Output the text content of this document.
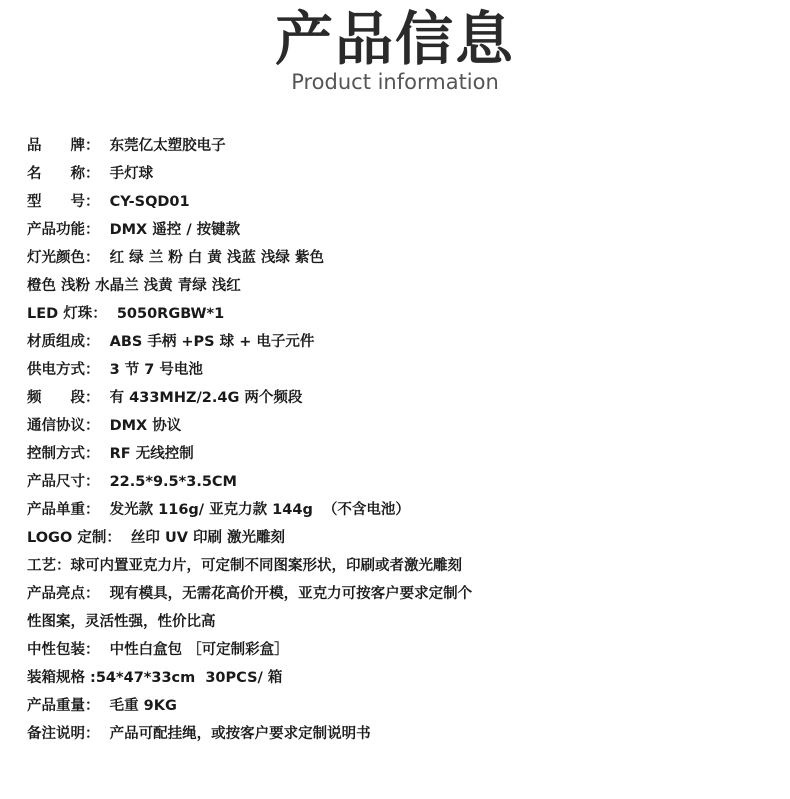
产品信息
Product information
品　　牌：  东莞亿太塑胶电子
名　　称：  手灯球
型　　号：  CY-SQD01
产品功能：  DMX 遥控 / 按键款
灯光颜色：  红 绿 兰 粉 白 黄 浅蓝 浅绿 紫色
橙色 浅粉 水晶兰 浅黄 青绿 浅红
LED 灯珠：  5050RGBW*1
材质组成：  ABS 手柄 +PS 球 + 电子元件
供电方式：  3 节 7 号电池
频　　段：  有 433MHZ/2.4G 两个频段
通信协议：  DMX 协议
控制方式：  RF 无线控制
产品尺寸：  22.5*9.5*3.5CM
产品单重：  发光款 116g/ 亚克力款 144g  （不含电池）
LOGO 定制：  丝印 UV 印刷 激光雕刻
工艺：球可内置亚克力片，可定制不同图案形状，印刷或者激光雕刻
产品亮点：  现有模具，无需花高价开模，亚克力可按客户要求定制个
性图案，灵活性强，性价比高
中性包装：  中性白盒包 ［可定制彩盒］
装箱规格 :54*47*33cm  30PCS/ 箱
产品重量：  毛重 9KG
备注说明：  产品可配挂绳，或按客户要求定制说明书
